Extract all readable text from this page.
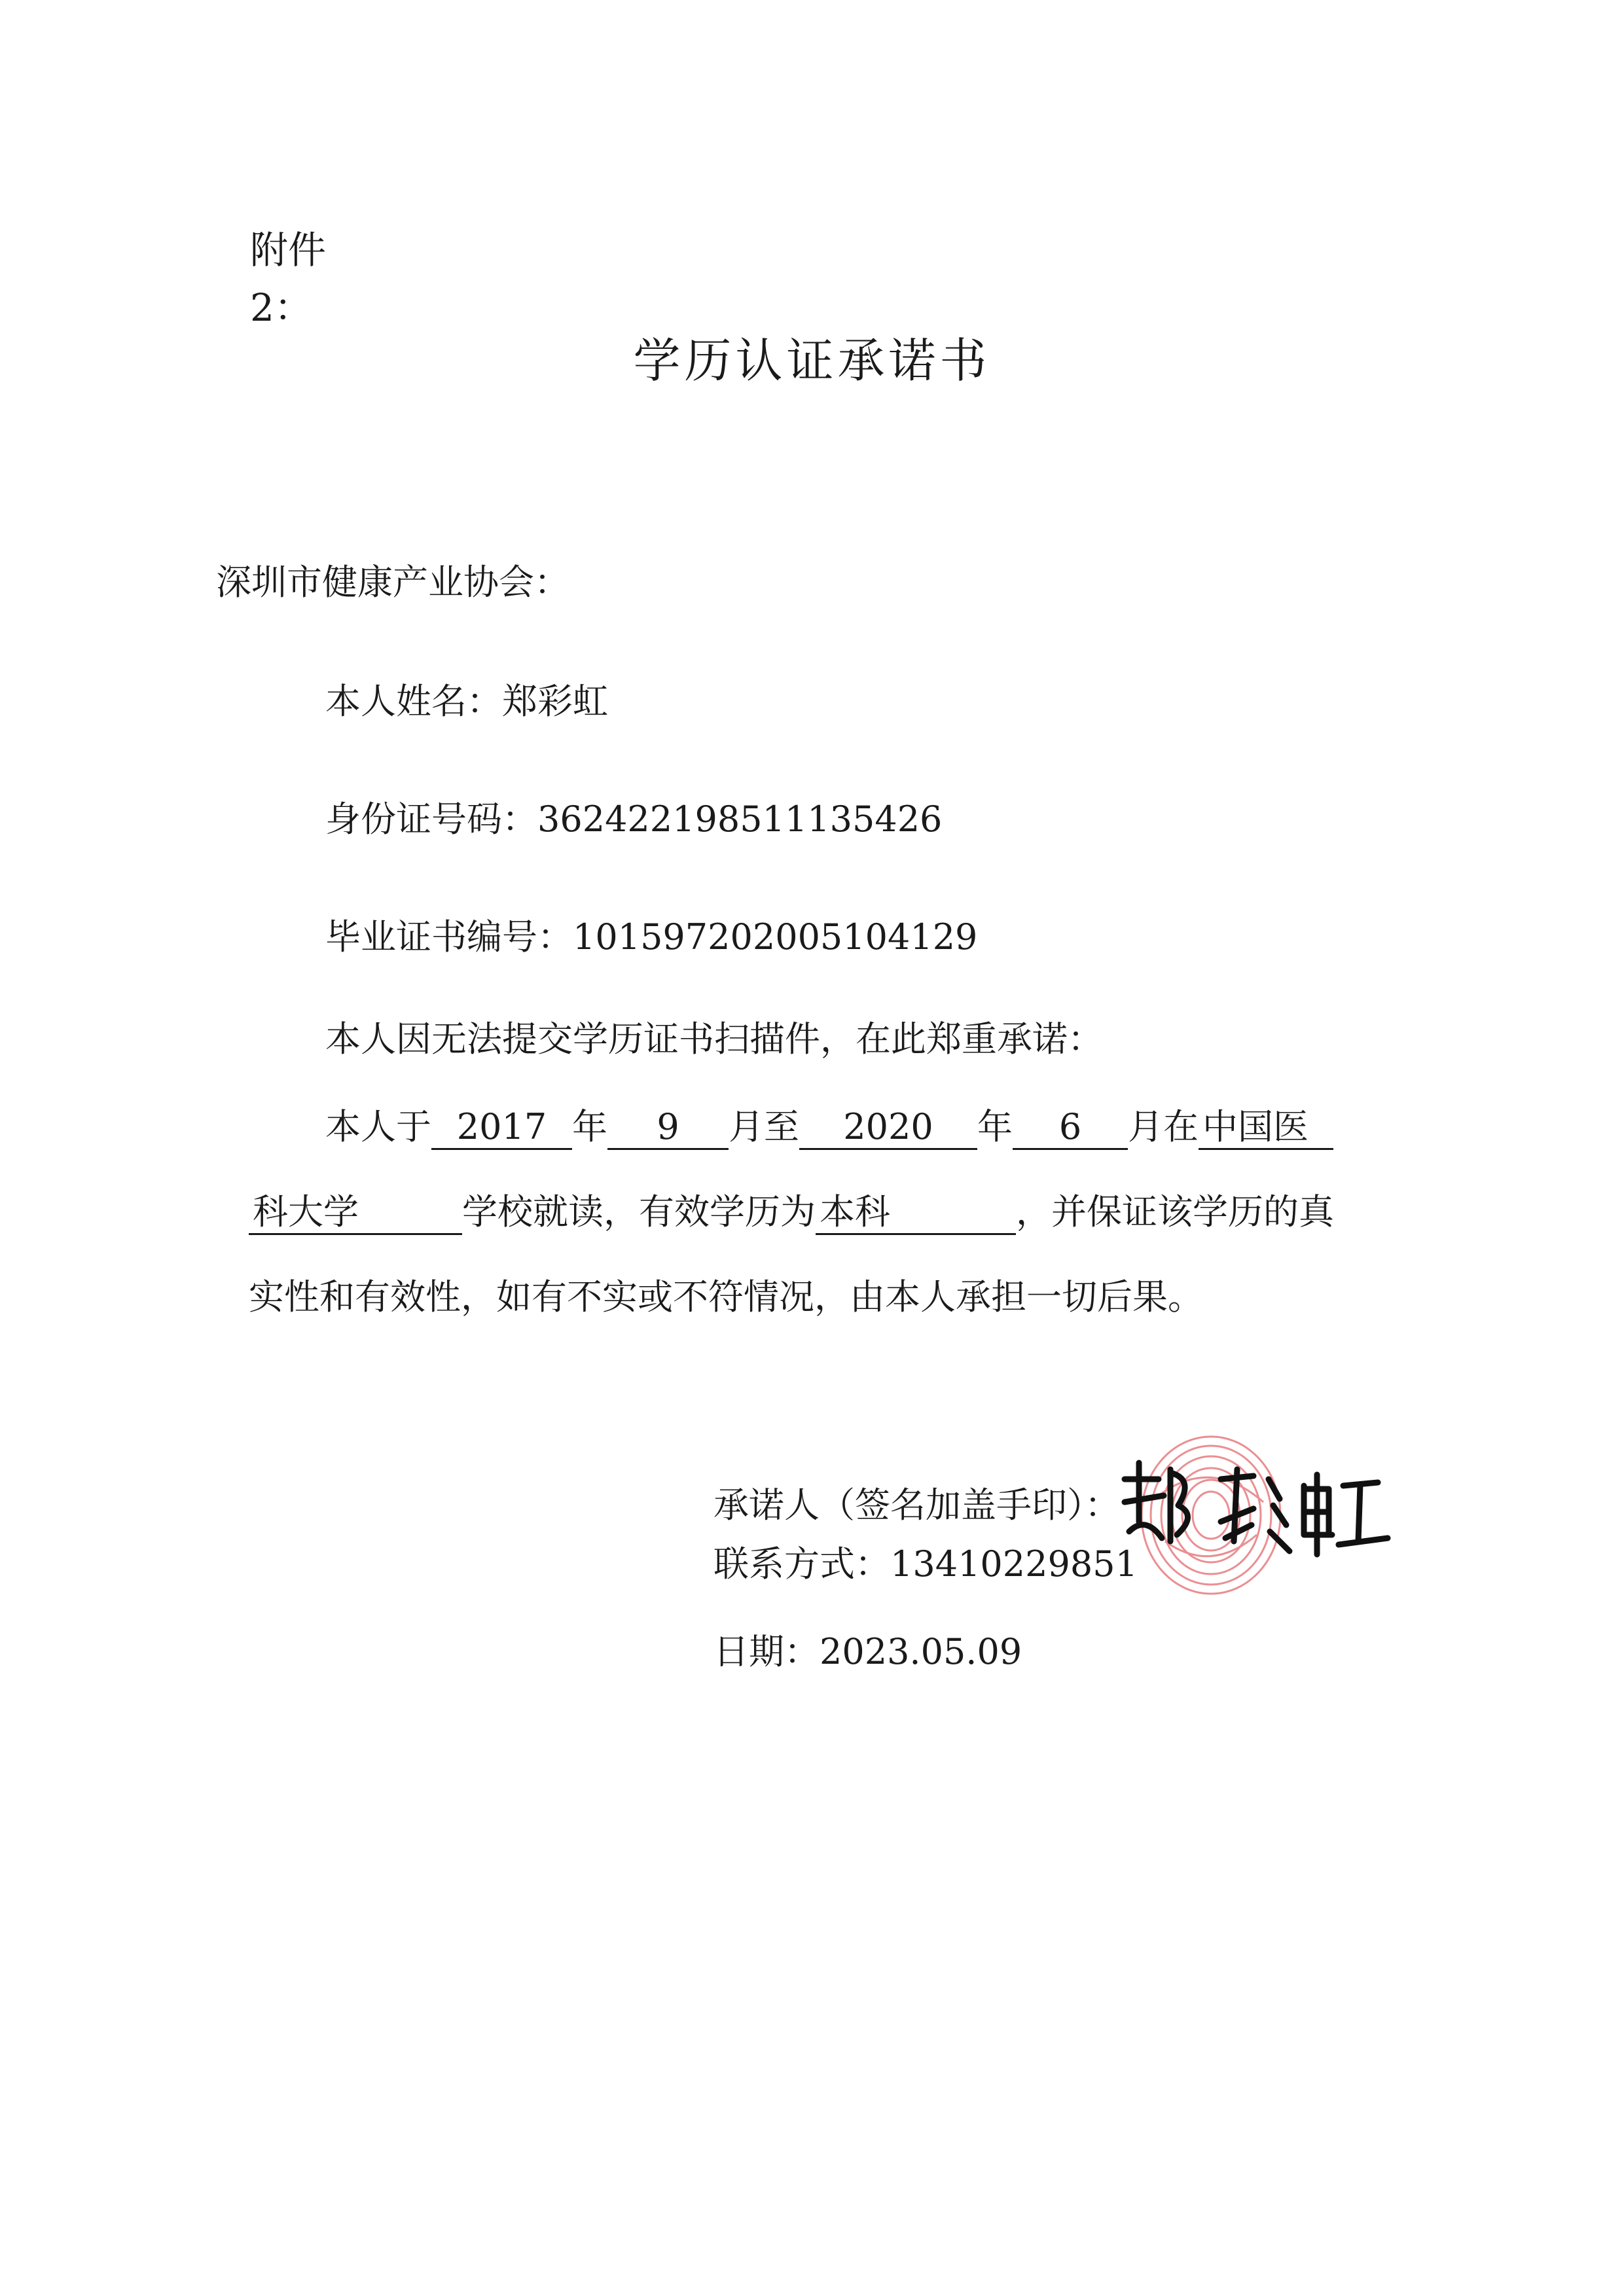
附件
2：
学历认证承诺书
深圳市健康产业协会：
本人姓名：郑彩虹
身份证号码：362422198511135426
毕业证书编号：101597202005104129
本人因无法提交学历证书扫描件，在此郑重承诺：
本人于 2017 年 9 月至 2020 年 6 月在 中国医
科大学	学校就读，有效学历为 本科	，并保证该学历的真
实性和有效性，如有不实或不符情况，由本人承担一切后果。
承诺人（签名加盖手印）：
联系方式：13410229851
日期：2023.05.09
